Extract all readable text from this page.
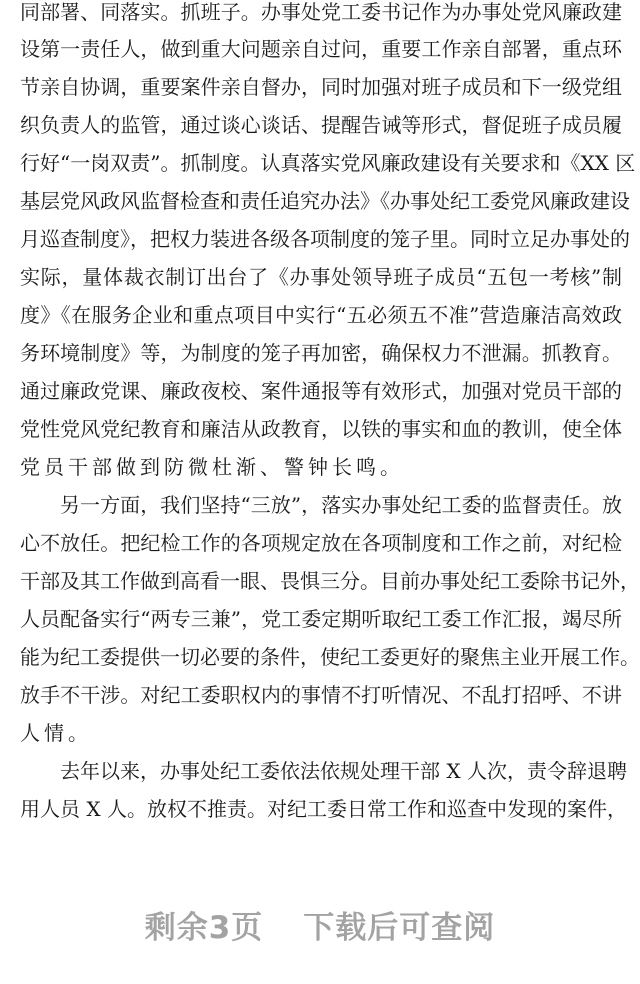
同部署、同落实。抓班子。办事处党工委书记作为办事处党风廉政建
设第一责任人，做到重大问题亲自过问，重要工作亲自部署，重点环
节亲自协调，重要案件亲自督办，同时加强对班子成员和下一级党组
织负责人的监管，通过谈心谈话、提醒告诫等形式，督促班子成员履
行好“一岗双责”。抓制度。认真落实党风廉政建设有关要求和《XX 区
基层党风政风监督检查和责任追究办法》《办事处纪工委党风廉政建设
月巡查制度》，把权力装进各级各项制度的笼子里。同时立足办事处的
实际，量体裁衣制订出台了《办事处领导班子成员“五包一考核”制
度》《在服务企业和重点项目中实行“五必须五不准”营造廉洁高效政
务环境制度》等，为制度的笼子再加密，确保权力不泄漏。抓教育。
通过廉政党课、廉政夜校、案件通报等有效形式，加强对党员干部的
党性党风党纪教育和廉洁从政教育，以铁的事实和血的教训，使全体
党员干部做到防微杜渐、警钟长鸣。
另一方面，我们坚持“三放”，落实办事处纪工委的监督责任。放
心不放任。把纪检工作的各项规定放在各项制度和工作之前，对纪检
干部及其工作做到高看一眼、畏惧三分。目前办事处纪工委除书记外，
人员配备实行“两专三兼”，党工委定期听取纪工委工作汇报，竭尽所
能为纪工委提供一切必要的条件，使纪工委更好的聚焦主业开展工作。
放手不干涉。对纪工委职权内的事情不打听情况、不乱打招呼、不讲
人情。
去年以来，办事处纪工委依法依规处理干部 X 人次，责令辞退聘
用人员 X 人。放权不推责。对纪工委日常工作和巡查中发现的案件，
剩余3页 下载后可查阅
